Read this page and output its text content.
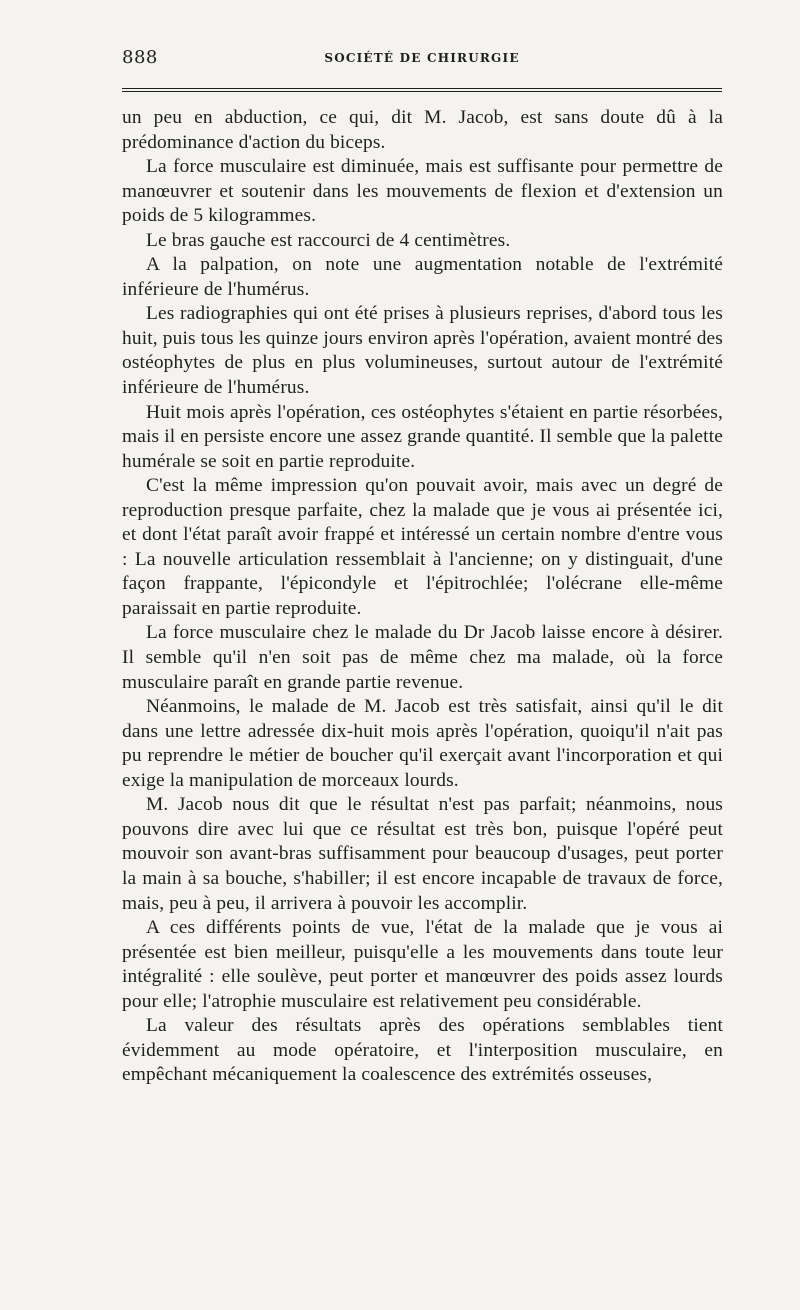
888	SOCIÉTÉ DE CHIRURGIE

un peu en abduction, ce qui, dit M. Jacob, est sans doute dû à la prédominance d'action du biceps.

La force musculaire est diminuée, mais est suffisante pour permettre de manœuvrer et soutenir dans les mouvements de flexion et d'extension un poids de 5 kilogrammes.

Le bras gauche est raccourci de 4 centimètres.

A la palpation, on note une augmentation notable de l'extrémité inférieure de l'humérus.

Les radiographies qui ont été prises à plusieurs reprises, d'abord tous les huit, puis tous les quinze jours environ après l'opération, avaient montré des ostéophytes de plus en plus volumineuses, surtout autour de l'extrémité inférieure de l'humérus.

Huit mois après l'opération, ces ostéophytes s'étaient en partie résorbées, mais il en persiste encore une assez grande quantité. Il semble que la palette humérale se soit en partie reproduite.

C'est la même impression qu'on pouvait avoir, mais avec un degré de reproduction presque parfaite, chez la malade que je vous ai présentée ici, et dont l'état paraît avoir frappé et intéressé un certain nombre d'entre vous : La nouvelle articulation ressemblait à l'ancienne; on y distinguait, d'une façon frappante, l'épicondyle et l'épitrochlée; l'olécrane elle-même paraissait en partie reproduite.

La force musculaire chez le malade du Dr Jacob laisse encore à désirer. Il semble qu'il n'en soit pas de même chez ma malade, où la force musculaire paraît en grande partie revenue.

Néanmoins, le malade de M. Jacob est très satisfait, ainsi qu'il le dit dans une lettre adressée dix-huit mois après l'opération, quoiqu'il n'ait pas pu reprendre le métier de boucher qu'il exerçait avant l'incorporation et qui exige la manipulation de morceaux lourds.

M. Jacob nous dit que le résultat n'est pas parfait; néanmoins, nous pouvons dire avec lui que ce résultat est très bon, puisque l'opéré peut mouvoir son avant-bras suffisamment pour beaucoup d'usages, peut porter la main à sa bouche, s'habiller; il est encore incapable de travaux de force, mais, peu à peu, il arrivera à pouvoir les accomplir.

A ces différents points de vue, l'état de la malade que je vous ai présentée est bien meilleur, puisqu'elle a les mouvements dans toute leur intégralité : elle soulève, peut porter et manœuvrer des poids assez lourds pour elle; l'atrophie musculaire est relativement peu considérable.

La valeur des résultats après des opérations semblables tient évidemment au mode opératoire, et l'interposition musculaire, en empêchant mécaniquement la coalescence des extrémités osseuses,
